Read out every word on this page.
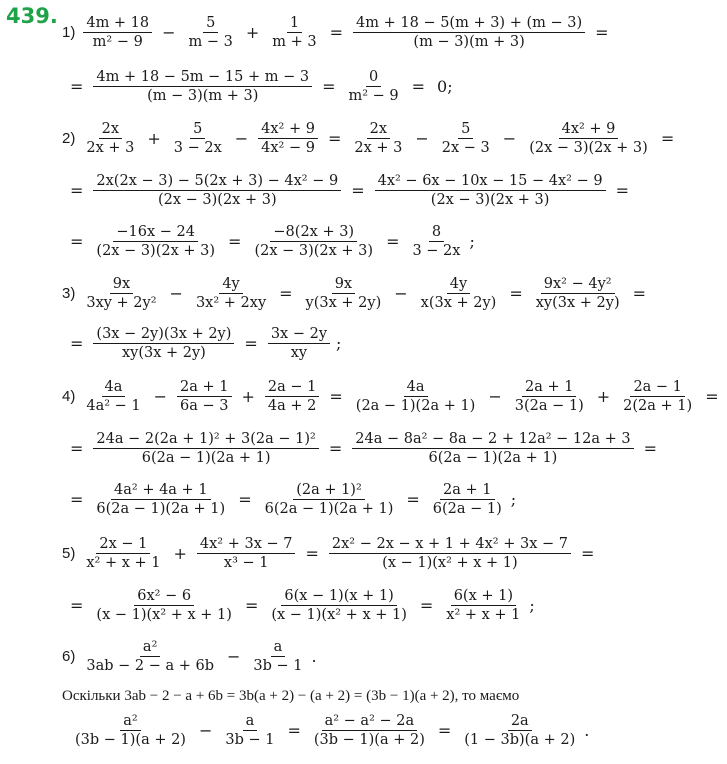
439.
$1) \frac{4m + 18}{\text{m² − 9}} - \frac{5}{m - 3} + \frac{1}{m + 3} = \frac{4m + 18 - 5(m + 3) + (m - 3)}{(m - 3)(m + 3)}$ =
= $\frac{4m + 18 - 5m - 15 + m - 3}{(m - 3)(m + 3)} = \frac{0}{\text{m² − 9}} = 0$;
$2) \frac{2x}{2x + 3} + \frac{5}{3 - 2x} - \frac{\text{4x² + 9}}{\text{4x² − 9}} = \frac{2x}{2x + 3} - \frac{5}{2x - 3} - \frac{\text{4x² + 9}}{(2x - 3)(2x + 3)}$ =
= $\frac{\text{2x(2x − 3) − 5(2x + 3) − 4x² − 9}}{(2x - 3)(2x + 3)} = \frac{\text{4x² − 6x − 10x − 15 − 4x² − 9}}{(2x - 3)(2x + 3)}$ =
= $\frac{-16x - 24}{(2x - 3)(2x + 3)} = \frac{-8(2x + 3)}{(2x - 3)(2x + 3)} = \frac{8}{3 - 2x}$ ;
$3) \frac{9x}{\text{3xy + 2y²}} - \frac{4y}{\text{3x² + 2xy}} = \frac{9x}{y(3x + 2y)} - \frac{4y}{x(3x + 2y)} = \frac{\text{9x² − 4y²}}{xy(3x + 2y)}$ =
= $\frac{(3x - 2y)(3x + 2y)}{xy(3x + 2y)} = \frac{3x - 2y}{xy}$ ;
$4) \frac{4a}{\text{4a² − 1}} - \frac{2a + 1}{6a - 3} + \frac{2a - 1}{4a + 2} = \frac{4a}{(2a - 1)(2a + 1)} - \frac{2a + 1}{3(2a - 1)} + \frac{2a - 1}{2(2a + 1)}$ =
= $\frac{\text{24a − 2(2a + 1)² + 3(2a − 1)²}}{6(2a - 1)(2a + 1)} = \frac{\text{24a − 8a² − 8a − 2 + 12a² − 12a + 3}}{6(2a - 1)(2a + 1)}$ =
= $\frac{\text{4a² + 4a + 1}}{6(2a - 1)(2a + 1)} = \frac{\text{(2a + 1)²}}{6(2a - 1)(2a + 1)} = \frac{2a + 1}{6(2a - 1)}$ ;
$5) \frac{2x - 1}{\text{x² + x + 1}} + \frac{\text{4x² + 3x − 7}}{\text{x³ − 1}} = \frac{\text{2x² − 2x − x + 1 + 4x² + 3x − 7}}{\text{(x − 1)(x² + x + 1)}}$ =
= $\frac{\text{6x² − 6}}{\text{(x − 1)(x² + x + 1)}} = \frac{6(x - 1)(x + 1)}{\text{(x − 1)(x² + x + 1)}} = \frac{6(x + 1)}{\text{x² + x + 1}}$ ;
$6) \frac{\text{a²}}{3ab - 2 - a + 6b} - \frac{a}{3b - 1}$ .
Оскільки 3ab − 2 − a + 6b = 3b(a + 2) − (a + 2) = (3b − 1)(a + 2), то маємо
$\frac{\text{a²}}{(3b - 1)(a + 2)} - \frac{a}{3b - 1} = \frac{\text{a² − a² − 2a}}{(3b - 1)(a + 2)} = \frac{2a}{(1 - 3b)(a + 2)}$ .
